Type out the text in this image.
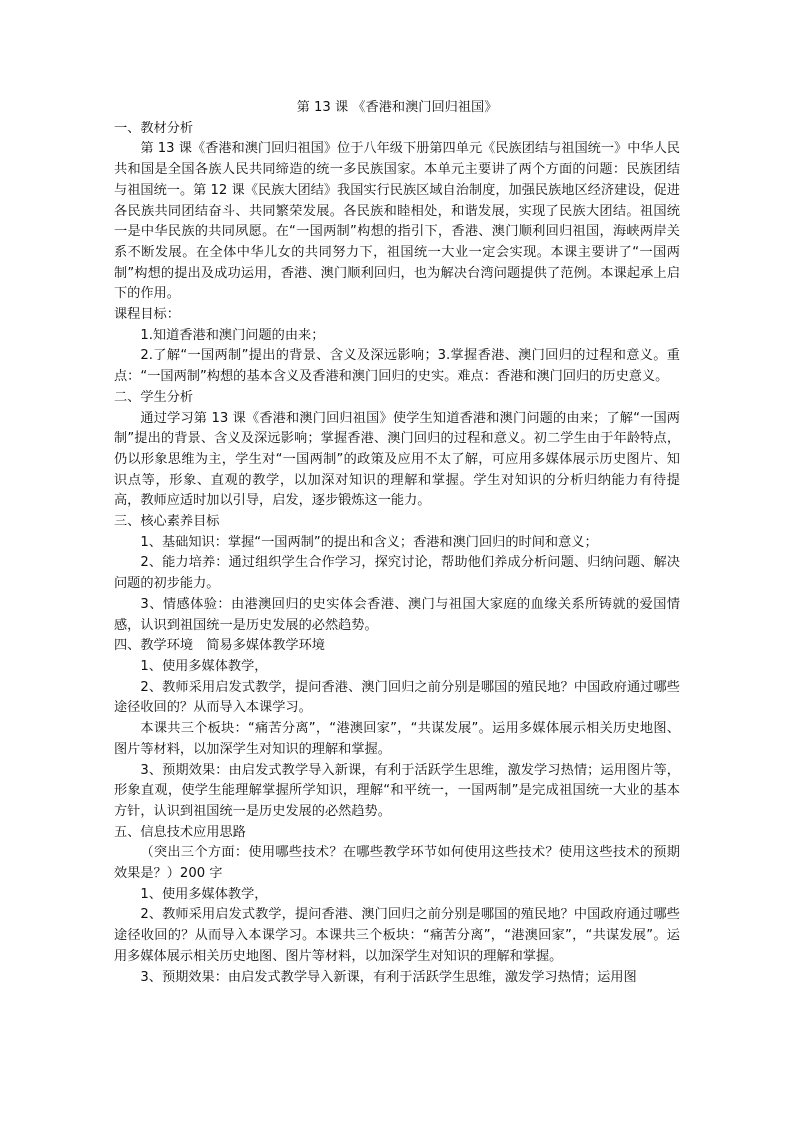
第 13 课 《香港和澳门回归祖国》
一、教材分析

第 13 课《香港和澳门回归祖国》位于八年级下册第四单元《民族团结与祖国统一》中华人民共和国是全国各族人民共同缔造的统一多民族国家。本单元主要讲了两个方面的问题：民族团结与祖国统一。第 12 课《民族大团结》我国实行民族区域自治制度，加强民族地区经济建设，促进各民族共同团结奋斗、共同繁荣发展。各民族和睦相处，和谐发展，实现了民族大团结。祖国统一是中华民族的共同夙愿。在“一国两制”构想的指引下，香港、澳门顺利回归祖国，海峡两岸关系不断发展。在全体中华儿女的共同努力下，祖国统一大业一定会实现。本课主要讲了“一国两制”构想的提出及成功运用，香港、澳门顺利回归，也为解决台湾问题提供了范例。本课起承上启下的作用。

课程目标：

1.知道香港和澳门问题的由来；

2.了解“一国两制”提出的背景、含义及深远影响；3.掌握香港、澳门回归的过程和意义。重点：“一国两制”构想的基本含义及香港和澳门回归的史实。难点：香港和澳门回归的历史意义。

二、学生分析

通过学习第 13 课《香港和澳门回归祖国》使学生知道香港和澳门问题的由来；了解“一国两制”提出的背景、含义及深远影响；掌握香港、澳门回归的过程和意义。初二学生由于年龄特点，仍以形象思维为主，学生对“一国两制”的政策及应用不太了解，可应用多媒体展示历史图片、知识点等，形象、直观的教学，以加深对知识的理解和掌握。学生对知识的分析归纳能力有待提高，教师应适时加以引导，启发，逐步锻炼这一能力。

三、核心素养目标

1、基础知识：掌握“一国两制”的提出和含义；香港和澳门回归的时间和意义；

2、能力培养：通过组织学生合作学习，探究讨论，帮助他们养成分析问题、归纳问题、解决问题的初步能力。

3、情感体验：由港澳回归的史实体会香港、澳门与祖国大家庭的血缘关系所铸就的爱国情感，认识到祖国统一是历史发展的必然趋势。

四、教学环境　简易多媒体教学环境

1、使用多媒体教学，

2、教师采用启发式教学，提问香港、澳门回归之前分别是哪国的殖民地？中国政府通过哪些途径收回的？从而导入本课学习。

本课共三个板块：“痛苦分离”，“港澳回家”，“共谋发展”。运用多媒体展示相关历史地图、图片等材料，以加深学生对知识的理解和掌握。

3、预期效果：由启发式教学导入新课，有利于活跃学生思维，激发学习热情；运用图片等，形象直观，使学生能理解掌握所学知识，理解“和平统一，一国两制”是完成祖国统一大业的基本方针，认识到祖国统一是历史发展的必然趋势。

五、信息技术应用思路

（突出三个方面：使用哪些技术？在哪些教学环节如何使用这些技术？使用这些技术的预期效果是？）200 字

1、使用多媒体教学，

2、教师采用启发式教学，提问香港、澳门回归之前分别是哪国的殖民地？中国政府通过哪些途径收回的？从而导入本课学习。本课共三个板块：“痛苦分离”，“港澳回家”，“共谋发展”。运用多媒体展示相关历史地图、图片等材料，以加深学生对知识的理解和掌握。

3、预期效果：由启发式教学导入新课，有利于活跃学生思维，激发学习热情；运用图
